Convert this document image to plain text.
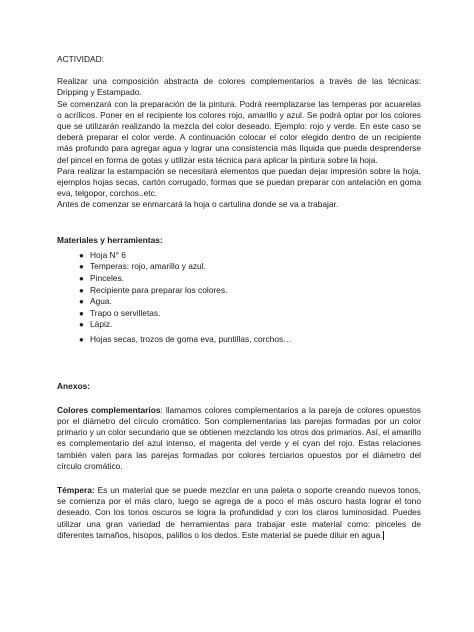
ACTIVIDAD:

Realizar una composición abstracta de colores complementarios a través de las técnicas: Dripping y Estampado.

Se comenzará con la preparación de la pintura. Podrá reemplazarse las temperas por acuarelas o acrílicos. Poner en el recipiente los colores rojo, amarillo y azul. Se podrá optar por los colores que se utilizarán realizando la mezcla del color deseado. Ejemplo: rojo y verde. En este caso se deberá preparar el color verde. A continuación colocar el color elegido dentro de un recipiente más profundo para agregar agua y lograr una consistencia más líquida que pueda desprenderse del pincel en forma de gotas y utilizar esta técnica para aplicar la pintura sobre la hoja.

Para realizar la estampación se necesitará elementos que puedan dejar impresión sobre la hoja, ejemplos hojas secas, cartón corrugado, formas que se puedan preparar con antelación en goma eva, telgopor, corchos..etc.

Antes de comenzar se enmarcará la hoja o cartulina donde se va a trabajar.

Materiales y herramientas:

● Hoja N° 6
● Temperas: rojo, amarillo y azul.
● Pinceles.
● Recipiente para preparar los colores.
● Agua.
● Trapo o servilletas.
● Lápiz.
● Hojas secas, trozos de goma eva, puntillas, corchos…

Anexos:

Colores complementarios: llamamos colores complementarios a la pareja de colores opuestos por el diámetro del círculo cromático. Son complementarias las parejas formadas por un color primario y un color secundario que se obtienen mezclando los otros dos primarios. Así, el amarillo es complementario del azul intenso, el magenta del verde y el cyan del rojo. Estas relaciones también valen para las parejas formadas por colores terciarios opuestos por el diámetro del círculo cromático.

Témpera: Es un material que se puede mezclar en una paleta o soporte creando nuevos tonos, se comienza por el más claro, luego se agrega de a poco el más oscuro hasta lograr el tono deseado. Con los tonos oscuros se logra la profundidad y con los claros luminosidad. Puedes utilizar una gran variedad de herramientas para trabajar este material como: pinceles de diferentes tamaños, hisopos, palillos o los dedos. Este material se puede diluir en agua.
